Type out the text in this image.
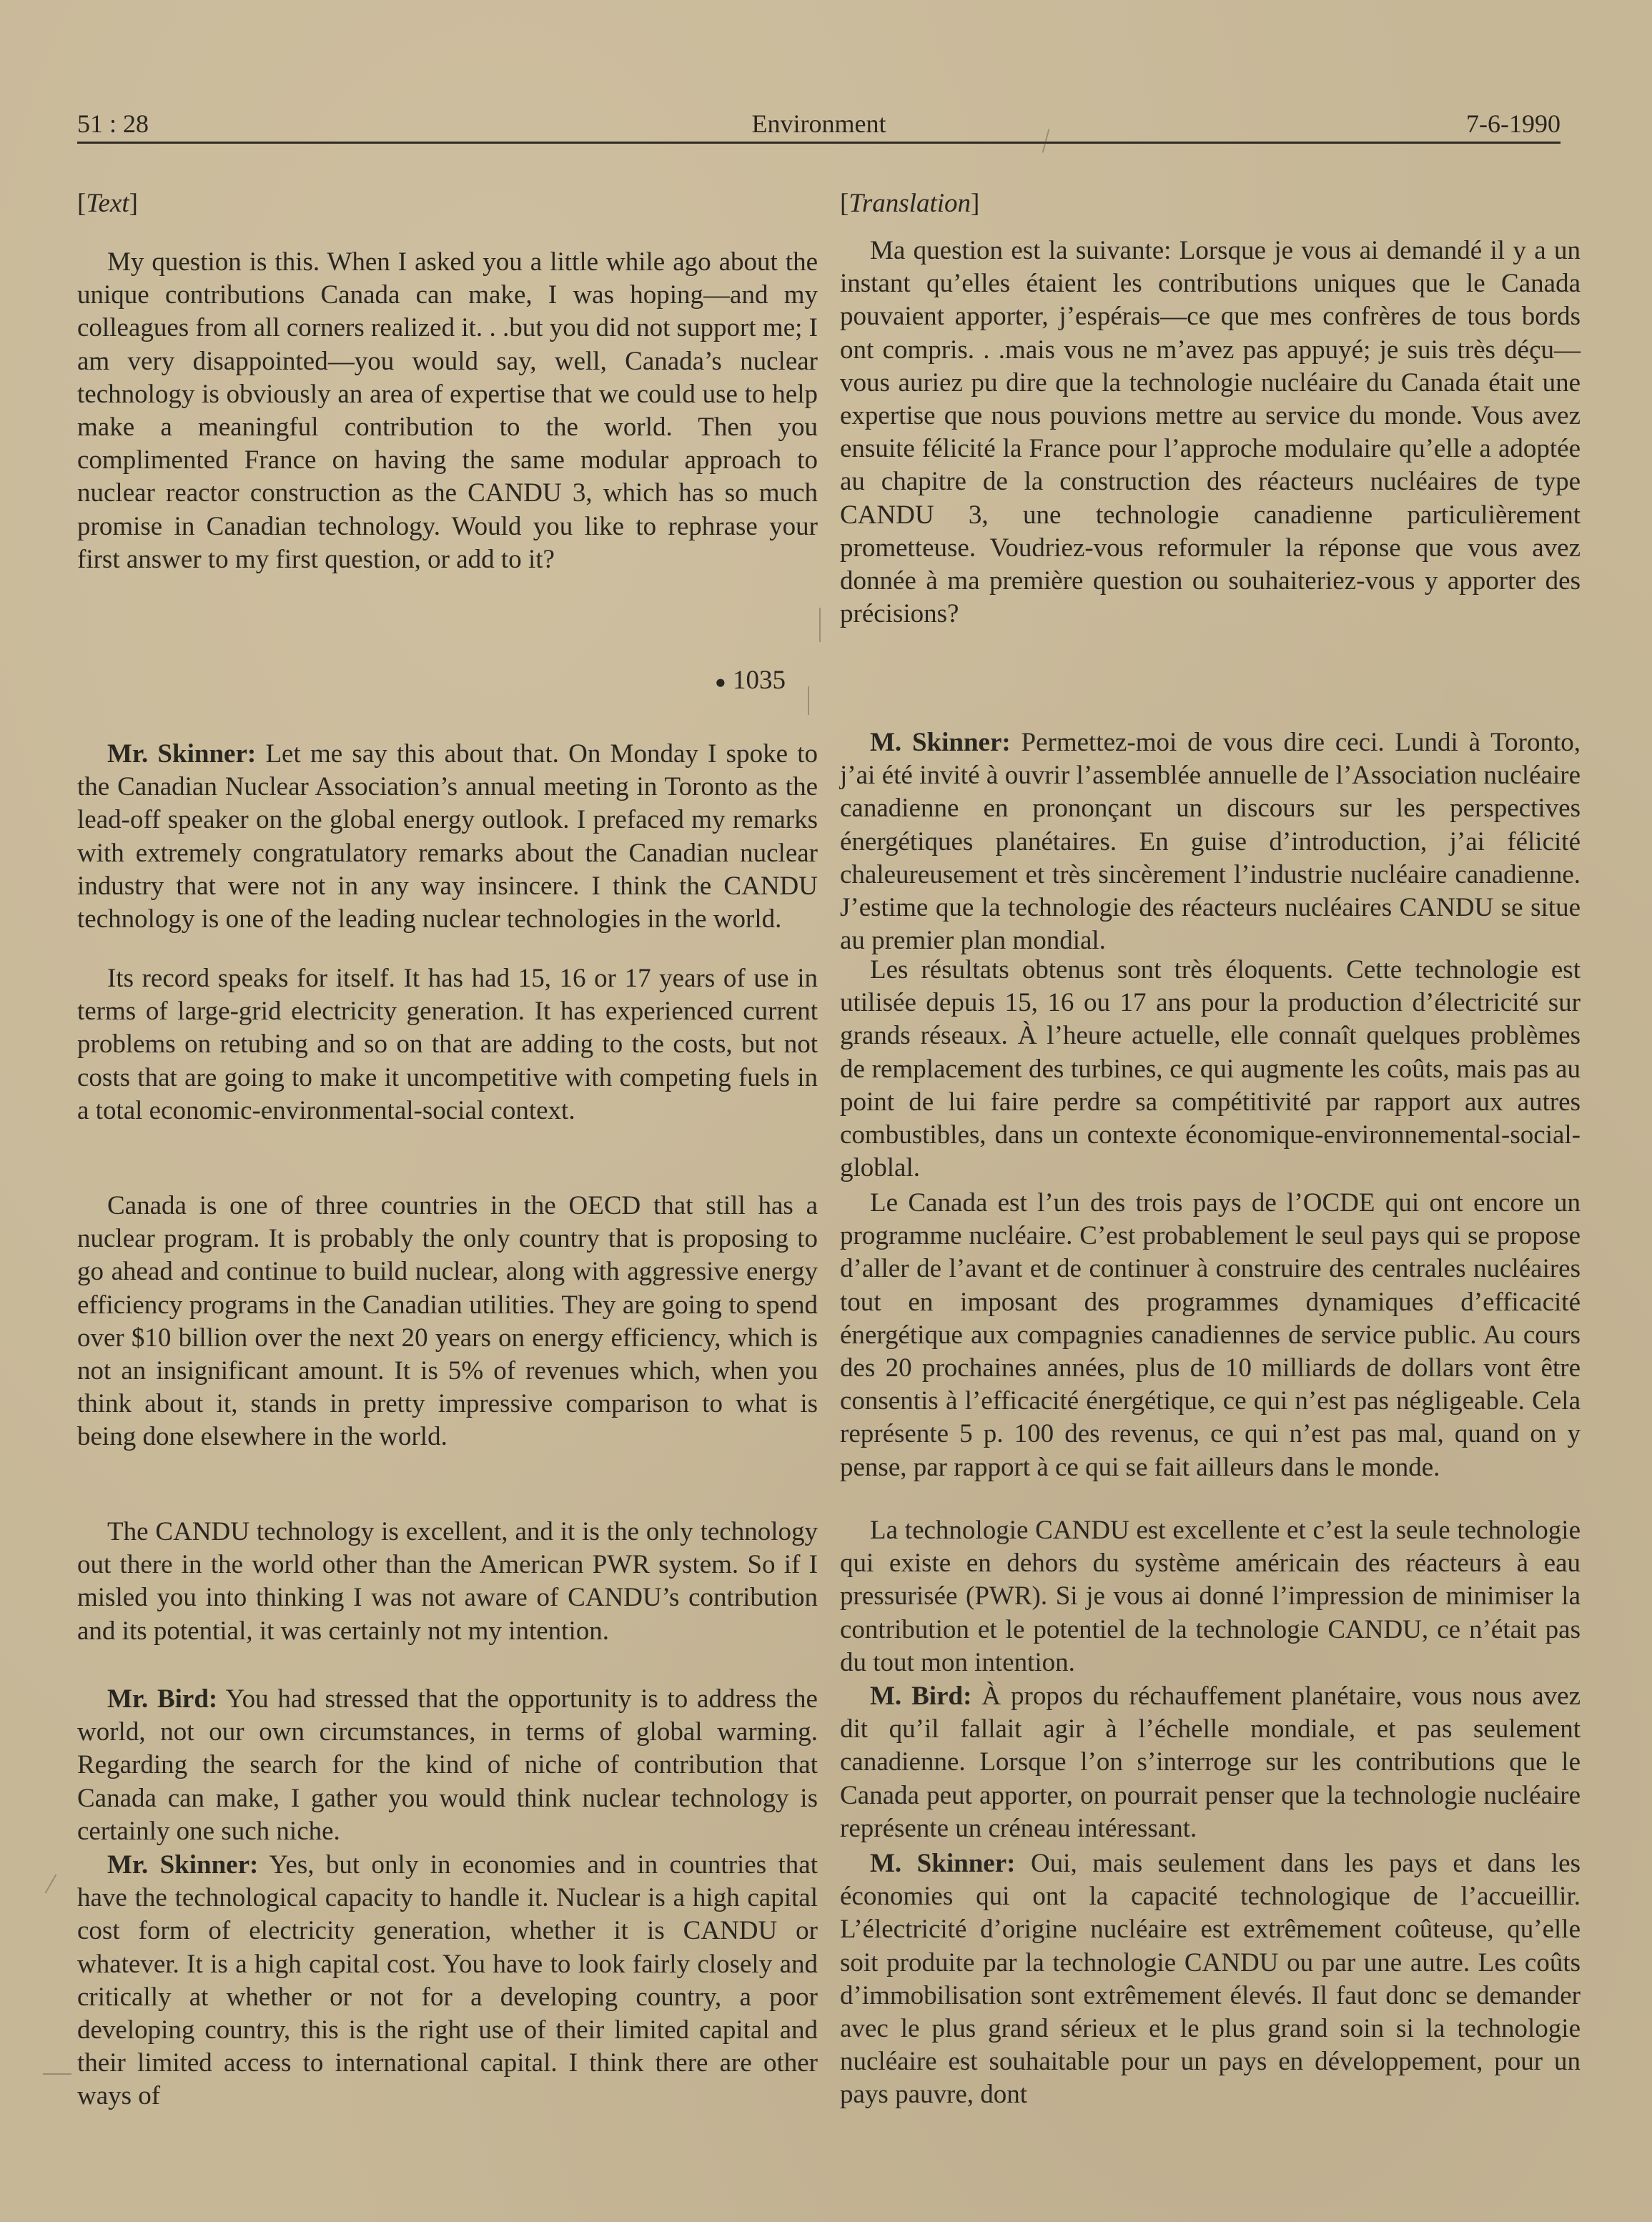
51 : 28	Environment	7-6-1990

[Text]

My question is this. When I asked you a little while ago about the unique contributions Canada can make, I was hoping—and my colleagues from all corners realized it. . .but you did not support me; I am very disappointed—you would say, well, Canada’s nuclear technology is obviously an area of expertise that we could use to help make a meaningful contribution to the world. Then you complimented France on having the same modular approach to nuclear reactor construction as the CANDU 3, which has so much promise in Canadian technology. Would you like to rephrase your first answer to my first question, or add to it?

Mr. Skinner: Let me say this about that. On Monday I spoke to the Canadian Nuclear Association’s annual meeting in Toronto as the lead-off speaker on the global energy outlook. I prefaced my remarks with extremely congratulatory remarks about the Canadian nuclear industry that were not in any way insincere. I think the CANDU technology is one of the leading nuclear technologies in the world.

Its record speaks for itself. It has had 15, 16 or 17 years of use in terms of large-grid electricity generation. It has experienced current problems on retubing and so on that are adding to the costs, but not costs that are going to make it uncompetitive with competing fuels in a total economic-environmental-social context.

Canada is one of three countries in the OECD that still has a nuclear program. It is probably the only country that is proposing to go ahead and continue to build nuclear, along with aggressive energy efficiency programs in the Canadian utilities. They are going to spend over $10 billion over the next 20 years on energy efficiency, which is not an insignificant amount. It is 5% of revenues which, when you think about it, stands in pretty impressive comparison to what is being done elsewhere in the world.

The CANDU technology is excellent, and it is the only technology out there in the world other than the American PWR system. So if I misled you into thinking I was not aware of CANDU’s contribution and its potential, it was certainly not my intention.

Mr. Bird: You had stressed that the opportunity is to address the world, not our own circumstances, in terms of global warming. Regarding the search for the kind of niche of contribution that Canada can make, I gather you would think nuclear technology is certainly one such niche.

Mr. Skinner: Yes, but only in economies and in countries that have the technological capacity to handle it. Nuclear is a high capital cost form of electricity generation, whether it is CANDU or whatever. It is a high capital cost. You have to look fairly closely and critically at whether or not for a developing country, a poor developing country, this is the right use of their limited capital and their limited access to international capital. I think there are other ways of

● 1035

[Translation]

Ma question est la suivante: Lorsque je vous ai demandé il y a un instant qu’elles étaient les contributions uniques que le Canada pouvaient apporter, j’espérais—ce que mes confrères de tous bords ont compris. . .mais vous ne m’avez pas appuyé; je suis très déçu—vous auriez pu dire que la technologie nucléaire du Canada était une expertise que nous pouvions mettre au service du monde. Vous avez ensuite félicité la France pour l’approche modulaire qu’elle a adoptée au chapitre de la construction des réacteurs nucléaires de type CANDU 3, une technologie canadienne particulièrement prometteuse. Voudriez-vous reformuler la réponse que vous avez donnée à ma première question ou souhaiteriez-vous y apporter des précisions?

M. Skinner: Permettez-moi de vous dire ceci. Lundi à Toronto, j’ai été invité à ouvrir l’assemblée annuelle de l’Association nucléaire canadienne en prononçant un discours sur les perspectives énergétiques planétaires. En guise d’introduction, j’ai félicité chaleureusement et très sincèrement l’industrie nucléaire canadienne. J’estime que la technologie des réacteurs nucléaires CANDU se situe au premier plan mondial.

Les résultats obtenus sont très éloquents. Cette technologie est utilisée depuis 15, 16 ou 17 ans pour la production d’électricité sur grands réseaux. À l’heure actuelle, elle connaît quelques problèmes de remplacement des turbines, ce qui augmente les coûts, mais pas au point de lui faire perdre sa compétitivité par rapport aux autres combustibles, dans un contexte économique-environnemental-social-globlal.

Le Canada est l’un des trois pays de l’OCDE qui ont encore un programme nucléaire. C’est probablement le seul pays qui se propose d’aller de l’avant et de continuer à construire des centrales nucléaires tout en imposant des programmes dynamiques d’efficacité énergétique aux compagnies canadiennes de service public. Au cours des 20 prochaines années, plus de 10 milliards de dollars vont être consentis à l’efficacité énergétique, ce qui n’est pas négligeable. Cela représente 5 p. 100 des revenus, ce qui n’est pas mal, quand on y pense, par rapport à ce qui se fait ailleurs dans le monde.

La technologie CANDU est excellente et c’est la seule technologie qui existe en dehors du système américain des réacteurs à eau pressurisée (PWR). Si je vous ai donné l’impression de minimiser la contribution et le potentiel de la technologie CANDU, ce n’était pas du tout mon intention.

M. Bird: À propos du réchauffement planétaire, vous nous avez dit qu’il fallait agir à l’échelle mondiale, et pas seulement canadienne. Lorsque l’on s’interroge sur les contributions que le Canada peut apporter, on pourrait penser que la technologie nucléaire représente un créneau intéressant.

M. Skinner: Oui, mais seulement dans les pays et dans les économies qui ont la capacité technologique de l’accueillir. L’électricité d’origine nucléaire est extrêmement coûteuse, qu’elle soit produite par la technologie CANDU ou par une autre. Les coûts d’immobilisation sont extrêmement élevés. Il faut donc se demander avec le plus grand sérieux et le plus grand soin si la technologie nucléaire est souhaitable pour un pays en développement, pour un pays pauvre, dont
